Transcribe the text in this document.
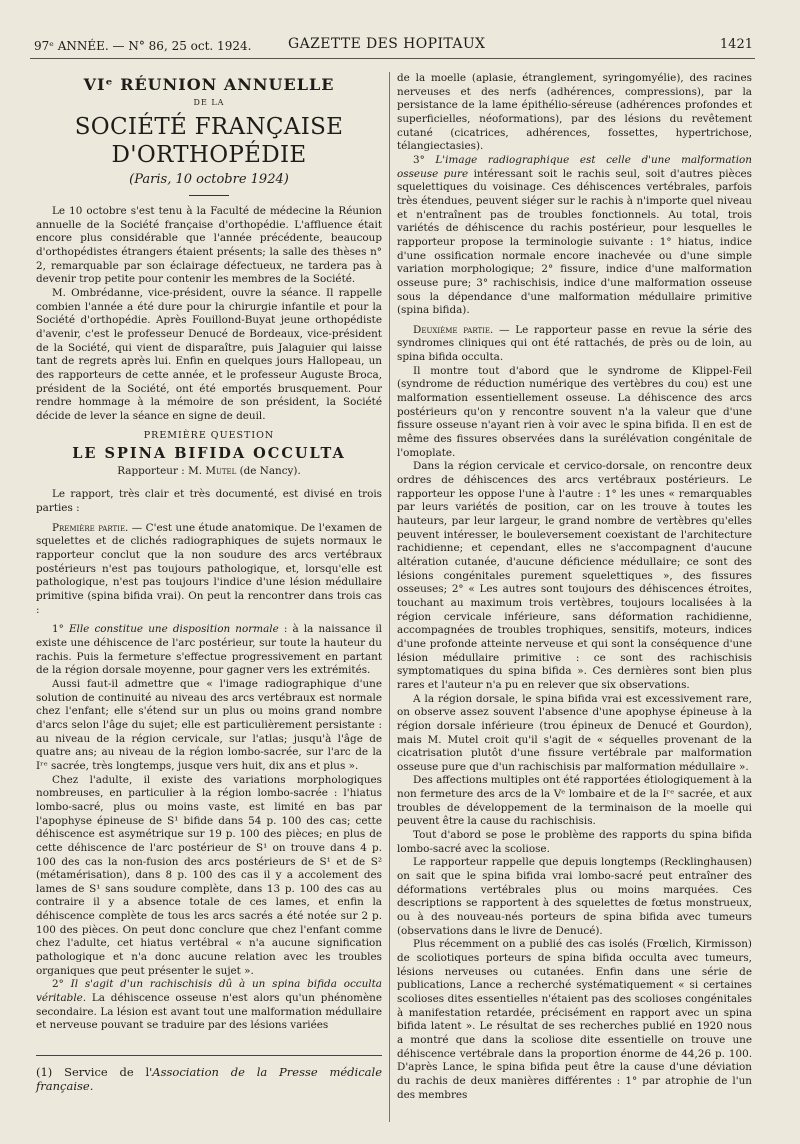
97ᵉ ANNÉE. — N° 86, 25 oct. 1924.	GAZETTE DES HOPITAUX	1421
VIᵉ RÉUNION ANNUELLE
DE LA
SOCIÉTÉ FRANÇAISE D'ORTHOPÉDIE
(Paris, 10 octobre 1924)

Le 10 octobre s'est tenu à la Faculté de médecine la Réunion annuelle de la Société française d'orthopédie. L'affluence était encore plus considérable que l'année précédente, beaucoup d'orthopédistes étrangers étaient présents; la salle des thèses n° 2, remarquable par son éclairage défectueux, ne tardera pas à devenir trop petite pour contenir les membres de la Société.

M. Ombrédanne, vice-président, ouvre la séance. Il rappelle combien l'année a été dure pour la chirurgie infantile et pour la Société d'orthopédie. Après Fouillond-Buyat jeune orthopédiste d'avenir, c'est le professeur Denucé de Bordeaux, vice-président de la Société, qui vient de disparaître, puis Jalaguier qui laisse tant de regrets après lui. Enfin en quelques jours Hallopeau, un des rapporteurs de cette année, et le professeur Auguste Broca, président de la Société, ont été emportés brusquement. Pour rendre hommage à la mémoire de son président, la Société décide de lever la séance en signe de deuil.

PREMIÈRE QUESTION
LE SPINA BIFIDA OCCULTA
Rapporteur : M. Mutel (de Nancy).

Le rapport, très clair et très documenté, est divisé en trois parties :

Première partie. — C'est une étude anatomique. De l'examen de squelettes et de clichés radiographiques de sujets normaux le rapporteur conclut que la non soudure des arcs vertébraux postérieurs n'est pas toujours pathologique, et, lorsqu'elle est pathologique, n'est pas toujours l'indice d'une lésion médullaire primitive (spina bifida vrai). On peut la rencontrer dans trois cas :

1° Elle constitue une disposition normale : à la naissance il existe une déhiscence de l'arc postérieur, sur toute la hauteur du rachis. Puis la fermeture s'effectue progressivement en partant de la région dorsale moyenne, pour gagner vers les extrémités.

Aussi faut-il admettre que « l'image radiographique d'une solution de continuité au niveau des arcs vertébraux est normale chez l'enfant; elle s'étend sur un plus ou moins grand nombre d'arcs selon l'âge du sujet; elle est particulièrement persistante : au niveau de la région cervicale, sur l'atlas; jusqu'à l'âge de quatre ans; au niveau de la région lombo-sacrée, sur l'arc de la Iʳᵉ sacrée, très longtemps, jusque vers huit, dix ans et plus ».

Chez l'adulte, il existe des variations morphologiques nombreuses, en particulier à la région lombo-sacrée : l'hiatus lombo-sacré, plus ou moins vaste, est limité en bas par l'apophyse épineuse de S¹ bifide dans 54 p. 100 des cas; cette déhiscence est asymétrique sur 19 p. 100 des pièces; en plus de cette déhiscence de l'arc postérieur de S¹ on trouve dans 4 p. 100 des cas la non-fusion des arcs postérieurs de S¹ et de S² (métamérisation), dans 8 p. 100 des cas il y a accolement des lames de S¹ sans soudure complète, dans 13 p. 100 des cas au contraire il y a absence totale de ces lames, et enfin la déhiscence complète de tous les arcs sacrés a été notée sur 2 p. 100 des pièces. On peut donc conclure que chez l'enfant comme chez l'adulte, cet hiatus vertébral « n'a aucune signification pathologique et n'a donc aucune relation avec les troubles organiques que peut présenter le sujet ».

2° Il s'agit d'un rachischisis dû à un spina bifida occulta véritable. La déhiscence osseuse n'est alors qu'un phénomène secondaire. La lésion est avant tout une malformation médullaire et nerveuse pouvant se traduire par des lésions variées

(1) Service de l'Association de la Presse médicale française.

de la moelle (aplasie, étranglement, syringomyélie), des racines nerveuses et des nerfs (adhérences, compressions), par la persistance de la lame épithélio-séreuse (adhérences profondes et superficielles, néoformations), par des lésions du revêtement cutané (cicatrices, adhérences, fossettes, hypertrichose, télangiectasies).

3° L'image radiographique est celle d'une malformation osseuse pure intéressant soit le rachis seul, soit d'autres pièces squelettiques du voisinage. Ces déhiscences vertébrales, parfois très étendues, peuvent siéger sur le rachis à n'importe quel niveau et n'entraînent pas de troubles fonctionnels. Au total, trois variétés de déhiscence du rachis postérieur, pour lesquelles le rapporteur propose la terminologie suivante : 1° hiatus, indice d'une ossification normale encore inachevée ou d'une simple variation morphologique; 2° fissure, indice d'une malformation osseuse pure; 3° rachischisis, indice d'une malformation osseuse sous la dépendance d'une malformation médullaire primitive (spina bifida).

Deuxième partie. — Le rapporteur passe en revue la série des syndromes cliniques qui ont été rattachés, de près ou de loin, au spina bifida occulta.

Il montre tout d'abord que le syndrome de Klippel-Feil (syndrome de réduction numérique des vertèbres du cou) est une malformation essentiellement osseuse. La déhiscence des arcs postérieurs qu'on y rencontre souvent n'a la valeur que d'une fissure osseuse n'ayant rien à voir avec le spina bifida. Il en est de même des fissures observées dans la surélévation congénitale de l'omoplate.

Dans la région cervicale et cervico-dorsale, on rencontre deux ordres de déhiscences des arcs vertébraux postérieurs. Le rapporteur les oppose l'une à l'autre : 1° les unes « remarquables par leurs variétés de position, car on les trouve à toutes les hauteurs, par leur largeur, le grand nombre de vertèbres qu'elles peuvent intéresser, le bouleversement coexistant de l'architecture rachidienne; et cependant, elles ne s'accompagnent d'aucune altération cutanée, d'aucune déficience médullaire; ce sont des lésions congénitales purement squelettiques », des fissures osseuses; 2° « Les autres sont toujours des déhiscences étroites, touchant au maximum trois vertèbres, toujours localisées à la région cervicale inférieure, sans déformation rachidienne, accompagnées de troubles trophiques, sensitifs, moteurs, indices d'une profonde atteinte nerveuse et qui sont la conséquence d'une lésion médullaire primitive : ce sont des rachischisis symptomatiques du spina bifida ». Ces dernières sont bien plus rares et l'auteur n'a pu en relever que six observations.

A la région dorsale, le spina bifida vrai est excessivement rare, on observe assez souvent l'absence d'une apophyse épineuse à la région dorsale inférieure (trou épineux de Denucé et Gourdon), mais M. Mutel croit qu'il s'agit de « séquelles provenant de la cicatrisation plutôt d'une fissure vertébrale par malformation osseuse pure que d'un rachischisis par malformation médullaire ».

Des affections multiples ont été rapportées étiologiquement à la non fermeture des arcs de la Vᵉ lombaire et de la Iʳᵉ sacrée, et aux troubles de développement de la terminaison de la moelle qui peuvent être la cause du rachischisis.

Tout d'abord se pose le problème des rapports du spina bifida lombo-sacré avec la scoliose.

Le rapporteur rappelle que depuis longtemps (Recklinghausen) on sait que le spina bifida vrai lombo-sacré peut entraîner des déformations vertébrales plus ou moins marquées. Ces descriptions se rapportent à des squelettes de fœtus monstrueux, ou à des nouveau-nés porteurs de spina bifida avec tumeurs (observations dans le livre de Denucé).

Plus récemment on a publié des cas isolés (Frœlich, Kirmisson) de scoliotiques porteurs de spina bifida occulta avec tumeurs, lésions nerveuses ou cutanées. Enfin dans une série de publications, Lance a recherché systématiquement « si certaines scolioses dites essentielles n'étaient pas des scolioses congénitales à manifestation retardée, précisément en rapport avec un spina bifida latent ». Le résultat de ses recherches publié en 1920 nous a montré que dans la scoliose dite essentielle on trouve une déhiscence vertébrale dans la proportion énorme de 44,26 p. 100. D'après Lance, le spina bifida peut être la cause d'une déviation du rachis de deux manières différentes : 1° par atrophie de l'un des membres
